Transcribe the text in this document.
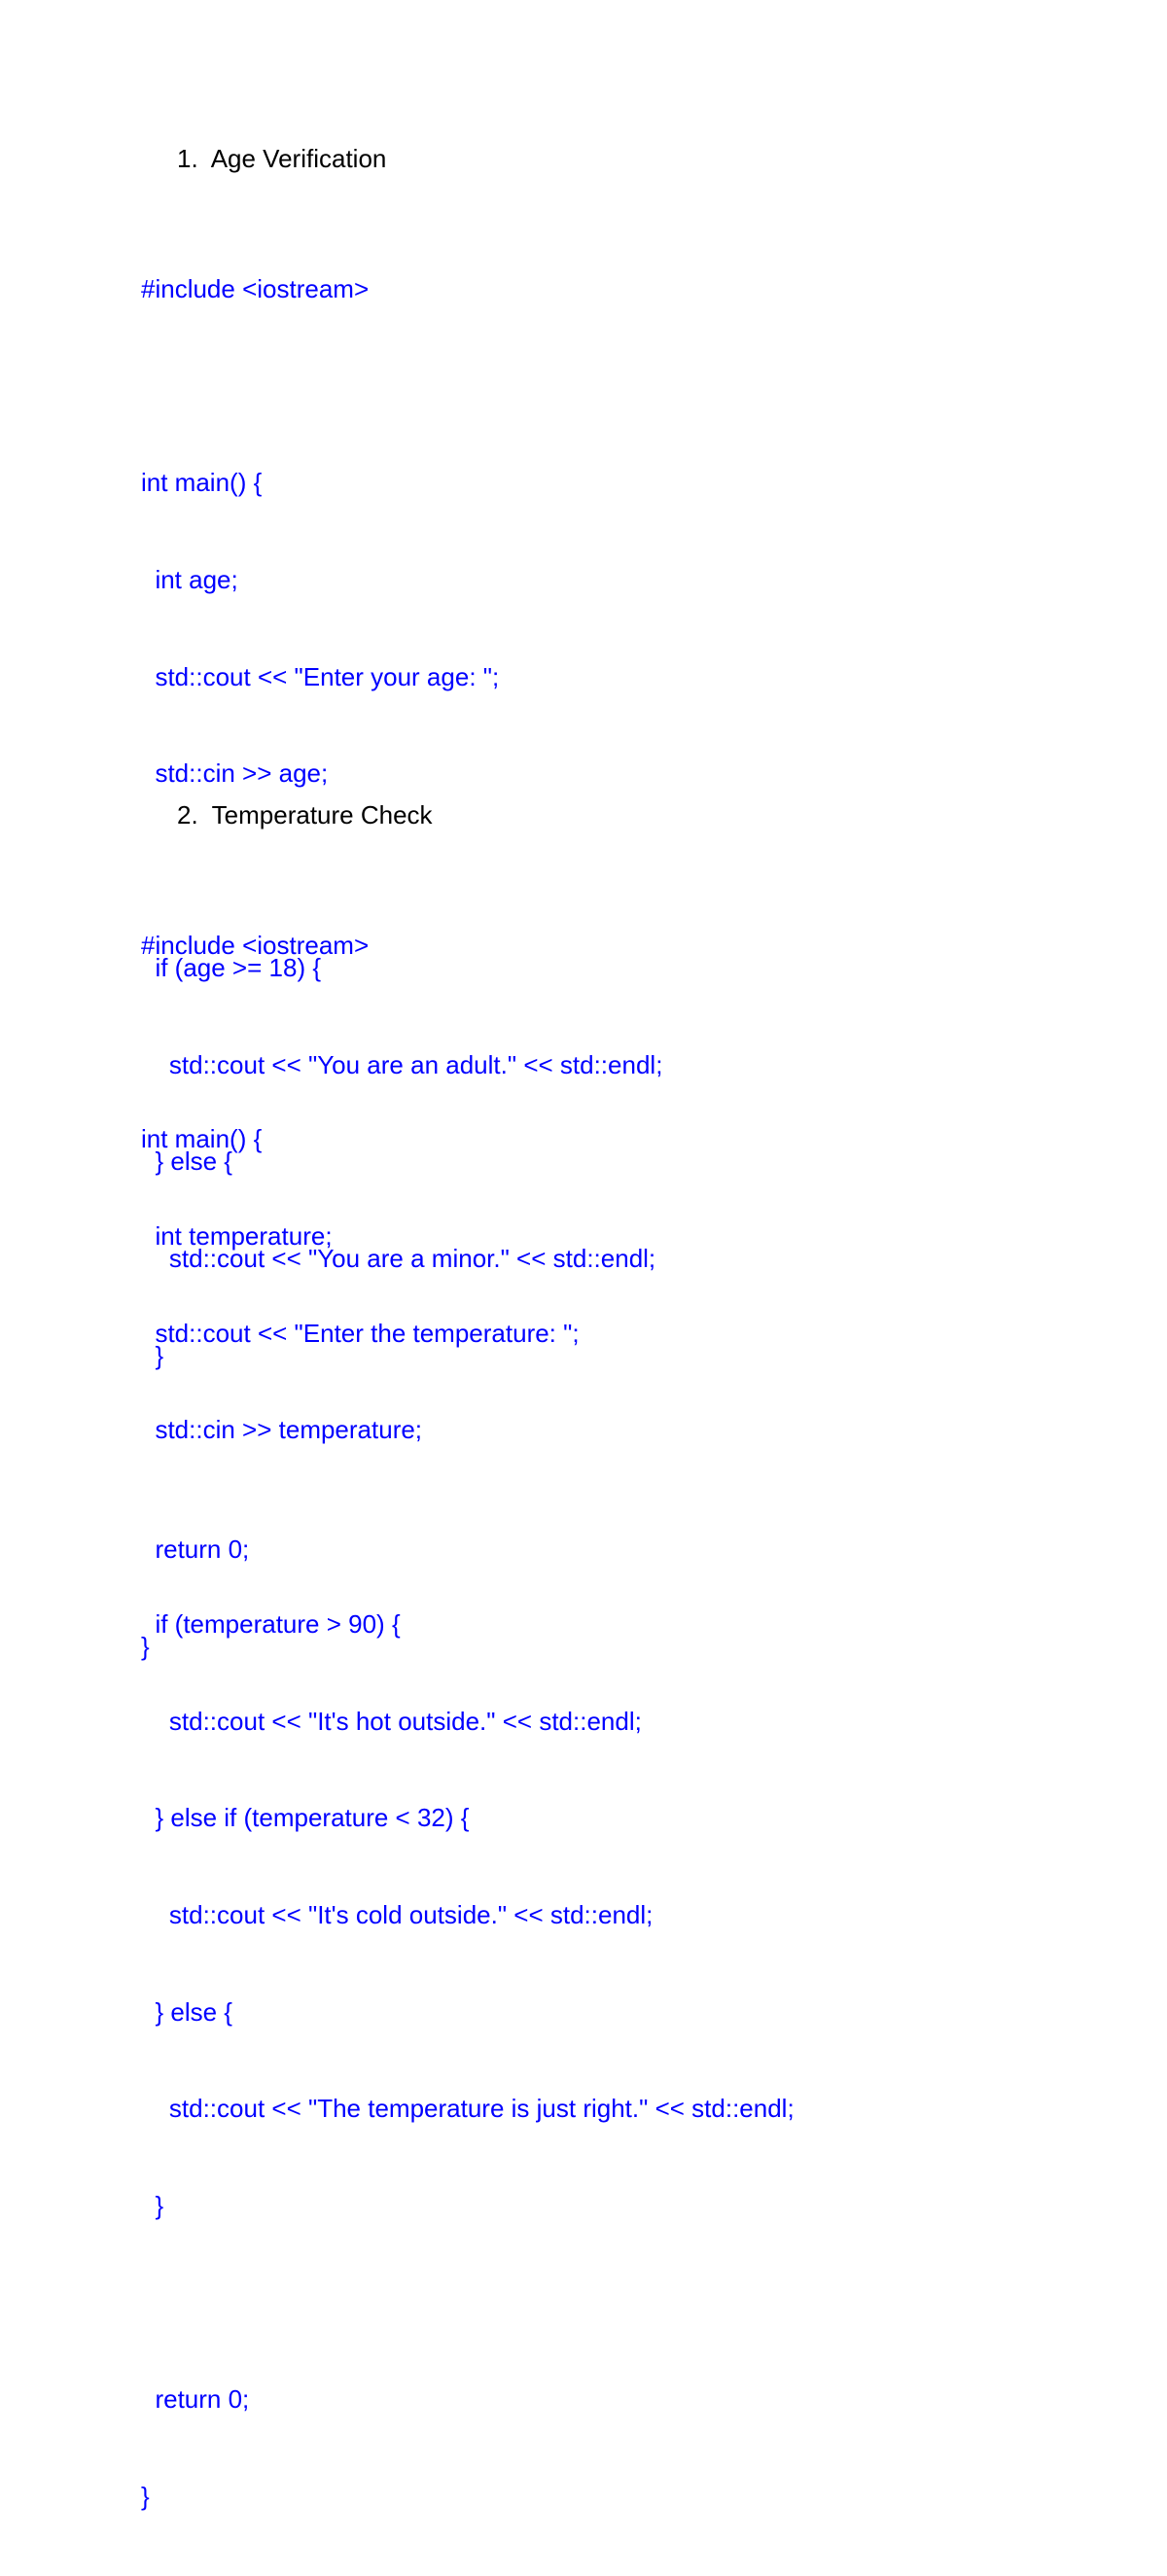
1.  Age Verification

#include <iostream>

int main() {

int age;

std::cout << "Enter your age: ";

std::cin >> age;

if (age >= 18) {

std::cout << "You are an adult." << std::endl;

} else {

std::cout << "You are a minor." << std::endl;

}

return 0;

}

2.  Temperature Check

#include <iostream>

int main() {

int temperature;

std::cout << "Enter the temperature: ";

std::cin >> temperature;

if (temperature > 90) {

std::cout << "It's hot outside." << std::endl;

} else if (temperature < 32) {

std::cout << "It's cold outside." << std::endl;

} else {

std::cout << "The temperature is just right." << std::endl;

}

return 0;

}
